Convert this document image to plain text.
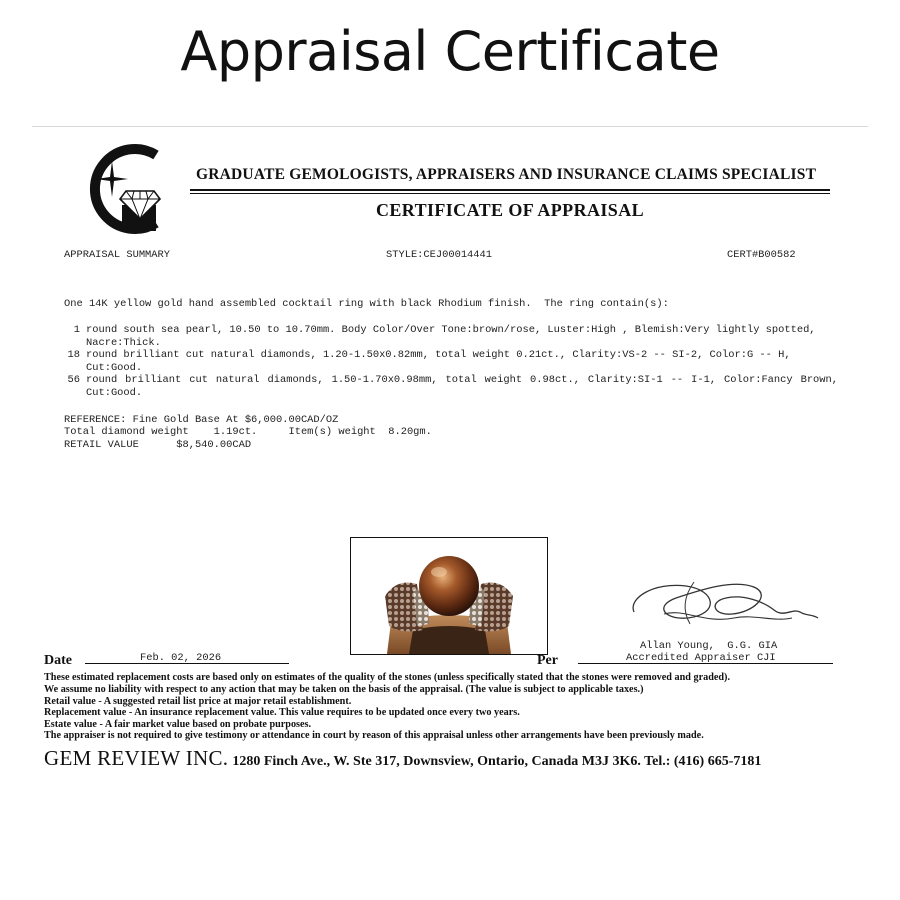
Appraisal Certificate
GRADUATE GEMOLOGISTS, APPRAISERS AND INSURANCE CLAIMS SPECIALIST
CERTIFICATE OF APPRAISAL
APPRAISAL SUMMARY	STYLE:CEJ00014441	CERT#B00582
One 14K yellow gold hand assembled cocktail ring with black Rhodium finish.  The ring contain(s):
1 round south sea pearl, 10.50 to 10.70mm. Body Color/Over Tone:brown/rose, Luster:High , Blemish:Very lightly spotted, Nacre:Thick.
18 round brilliant cut natural diamonds, 1.20-1.50x0.82mm, total weight 0.21ct., Clarity:VS-2 -- SI-2, Color:G -- H, Cut:Good.
56 round brilliant cut natural diamonds, 1.50-1.70x0.98mm, total weight 0.98ct., Clarity:SI-1 -- I-1, Color:Fancy Brown, Cut:Good.
REFERENCE: Fine Gold Base At $6,000.00CAD/OZ
Total diamond weight    1.19ct.     Item(s) weight  8.20gm.
RETAIL VALUE      $8,540.00CAD
Allan Young,  G.G. GIA
Accredited Appraiser CJI
Date	Feb. 02, 2026	Per
These estimated replacement costs are based only on estimates of the quality of the stones (unless specifically stated that the stones were removed and graded).
We assume no liability with respect to any action that may be taken on the basis of the appraisal. (The value is subject to applicable taxes.)
Retail value - A suggested retail list price at major retail establishment.
Replacement value - An insurance replacement value. This value requires to be updated once every two years.
Estate value - A fair market value based on probate purposes.
The appraiser is not required to give testimony or attendance in court by reason of this appraisal unless other arrangements have been previously made.
GEM REVIEW INC. 1280 Finch Ave., W. Ste 317, Downsview, Ontario, Canada M3J 3K6. Tel.: (416) 665-7181
